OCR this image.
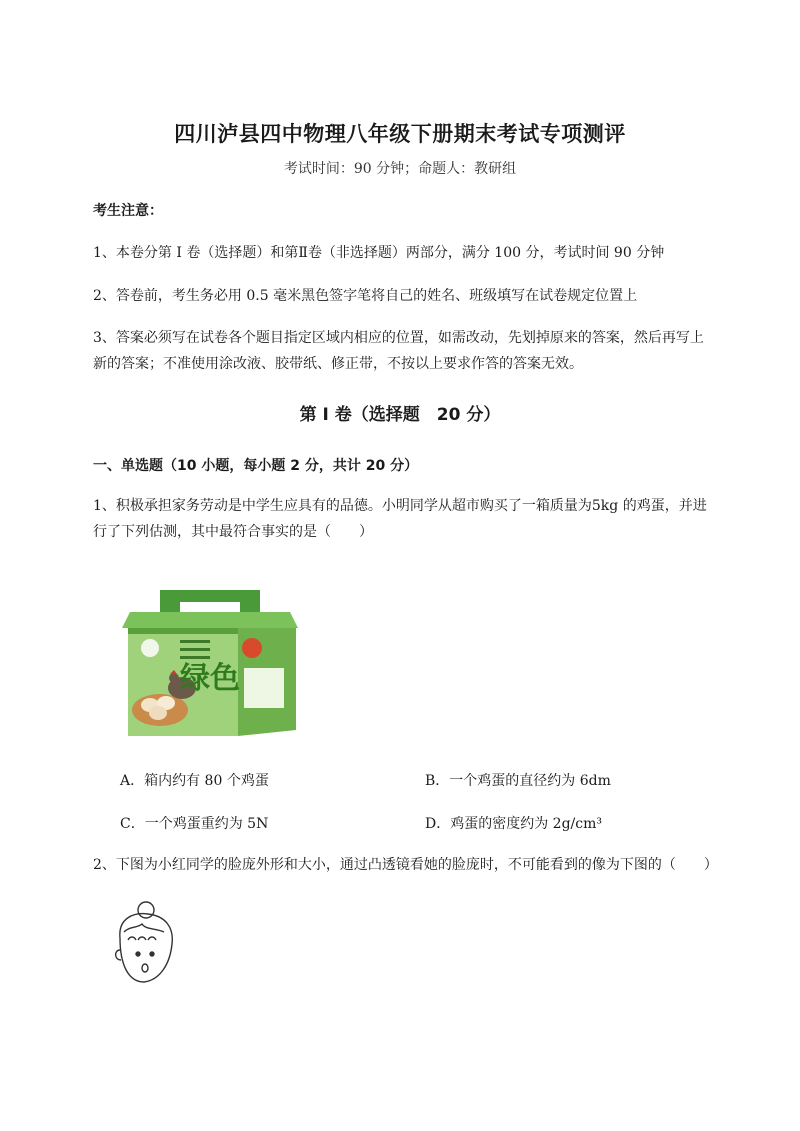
四川泸县四中物理八年级下册期末考试专项测评
考试时间：90 分钟；命题人：教研组
考生注意：
1、本卷分第 I 卷（选择题）和第Ⅱ卷（非选择题）两部分，满分 100 分，考试时间 90 分钟
2、答卷前，考生务必用 0.5 毫米黑色签字笔将自己的姓名、班级填写在试卷规定位置上
3、答案必须写在试卷各个题目指定区域内相应的位置，如需改动，先划掉原来的答案，然后再写上新的答案；不准使用涂改液、胶带纸、修正带，不按以上要求作答的答案无效。
第 I 卷（选择题　20 分）
一、单选题（10 小题，每小题 2 分，共计 20 分）
1、积极承担家务劳动是中学生应具有的品德。小明同学从超市购买了一箱质量为5kg 的鸡蛋，并进行了下列估测，其中最符合事实的是（　　）
绿色
A．箱内约有 80 个鸡蛋	B．一个鸡蛋的直径约为 6dm
C．一个鸡蛋重约为 5N	D．鸡蛋的密度约为 2g/cm³
2、下图为小红同学的脸庞外形和大小，通过凸透镜看她的脸庞时，不可能看到的像为下图的（　　）
